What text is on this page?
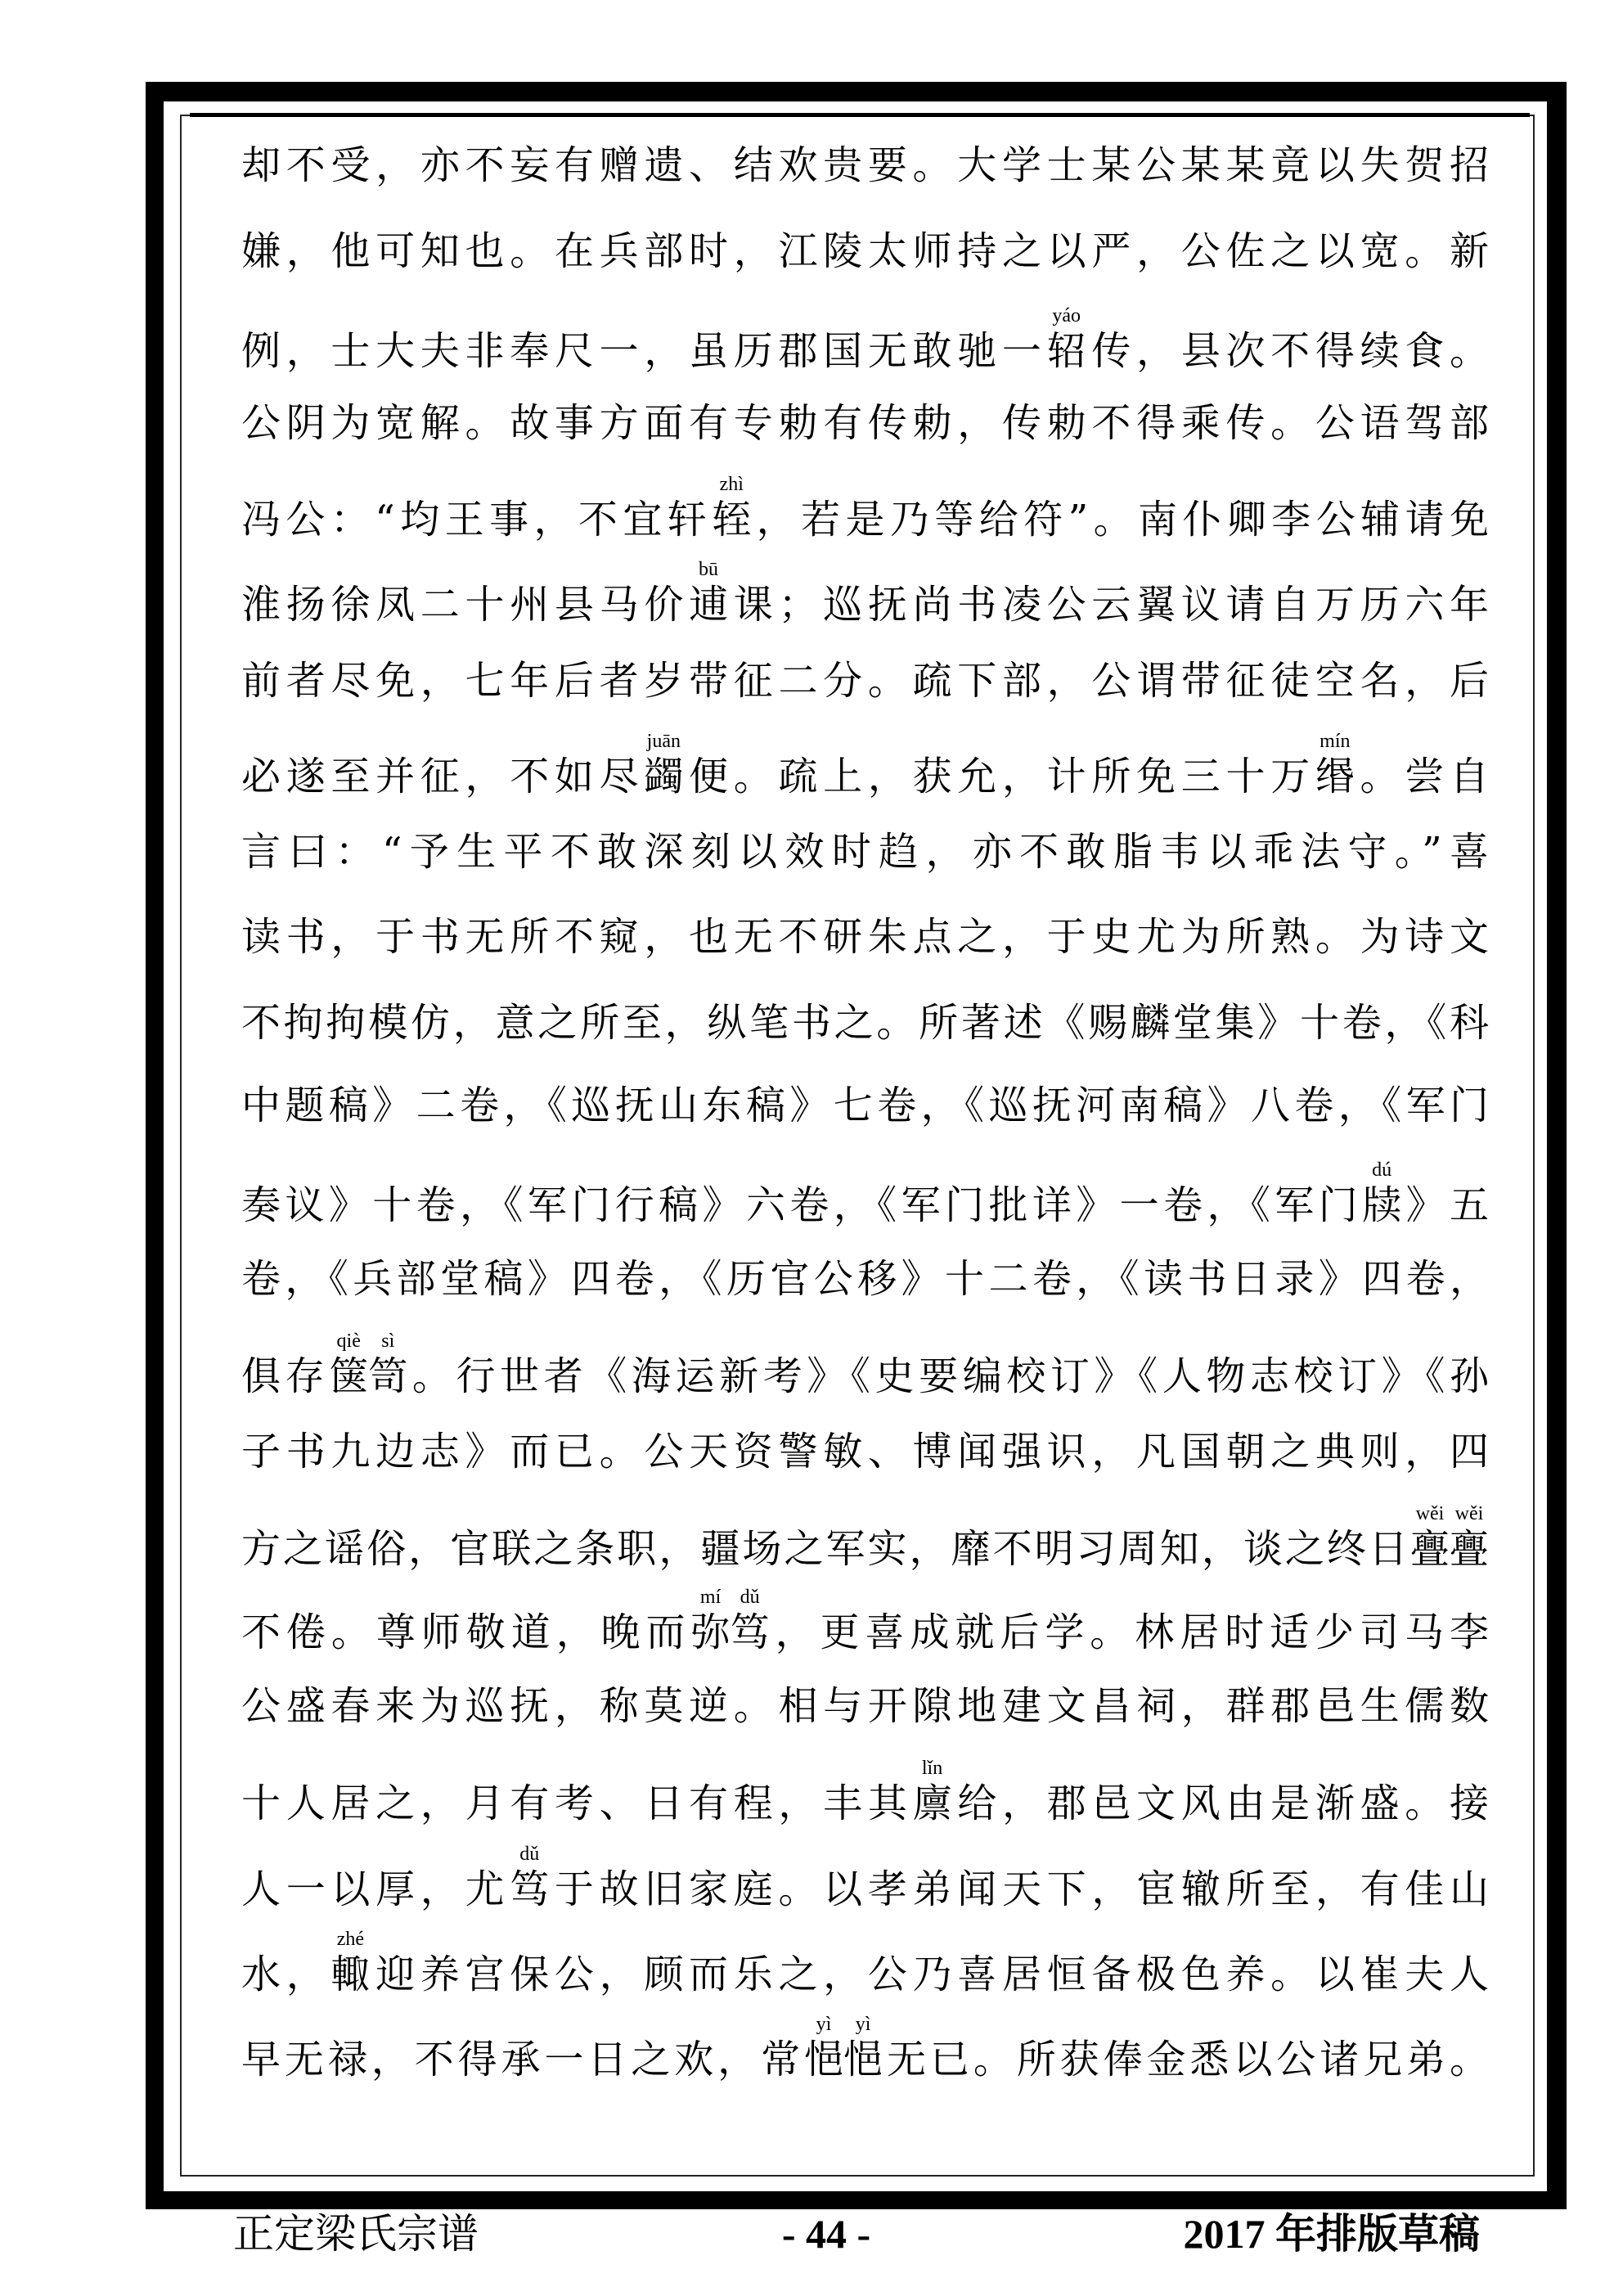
却不受，亦不妄有赠遗、结欢贵要。大学士某公某某竟以失贺招
嫌，他可知也。在兵部时，江陵太师持之以严，公佐之以宽。新
例，士大夫非奉尺一，虽历郡国无敢驰一轺
yáo
传，县次不得续食。
公阴为宽解。故事方面有专勅有传勅，传勅不得乘传。公语驾部
冯公：“均王事，不宜轩轾
zhì
，若是乃等给符”。南仆卿李公辅请免
淮扬徐凤二十州县马价逋
bū
课；巡抚尚书凌公云翼议请自万历六年
前者尽免，七年后者岁带征二分。疏下部，公谓带征徒空名，后
必遂至并征，不如尽蠲
juān
便。疏上，获允，计所免三十万缗
mín
。尝自
言曰：“予生平不敢深刻以效时趋，亦不敢脂韦以乖法守。”喜
读书，于书无所不窥，也无不研朱点之，于史尤为所熟。为诗文
不拘拘模仿，意之所至，纵笔书之。所著述《赐麟堂集》十卷，《科
中题稿》二卷，《巡抚山东稿》七卷，《巡抚河南稿》八卷，《军门
奏议》十卷，《军门行稿》六卷，《军门批详》一卷，《军门牍
dú
》五
卷，《兵部堂稿》四卷，《历官公移》十二卷，《读书日录》四卷，
俱存箧
qiè
笥
sì
。行世者《海运新考》《史要编校订》《人物志校订》《孙
子书九边志》而已。公天资警敏、博闻强识，凡国朝之典则，四
方之谣俗，官联之条职，疆场之军实，靡不明习周知，谈之终日亹
wěi
亹
wěi
不倦。尊师敬道，晚而弥
mí
笃
dǔ
，更喜成就后学。林居时适少司马李
公盛春来为巡抚，称莫逆。相与开隙地建文昌祠，群郡邑生儒数
十人居之，月有考、日有程，丰其廪
lǐn
给，郡邑文风由是渐盛。接
人一以厚，尤笃
dǔ
于故旧家庭。以孝弟闻天下，宦辙所至，有佳山
水，輙
zhé
迎养宫保公，顾而乐之，公乃喜居恒备极色养。以崔夫人
早无禄，不得承一日之欢，常悒
yì
悒
yì
无已。所获俸金悉以公诸兄弟。
正定梁氏宗谱	- 44 -	2017 年排版草稿
